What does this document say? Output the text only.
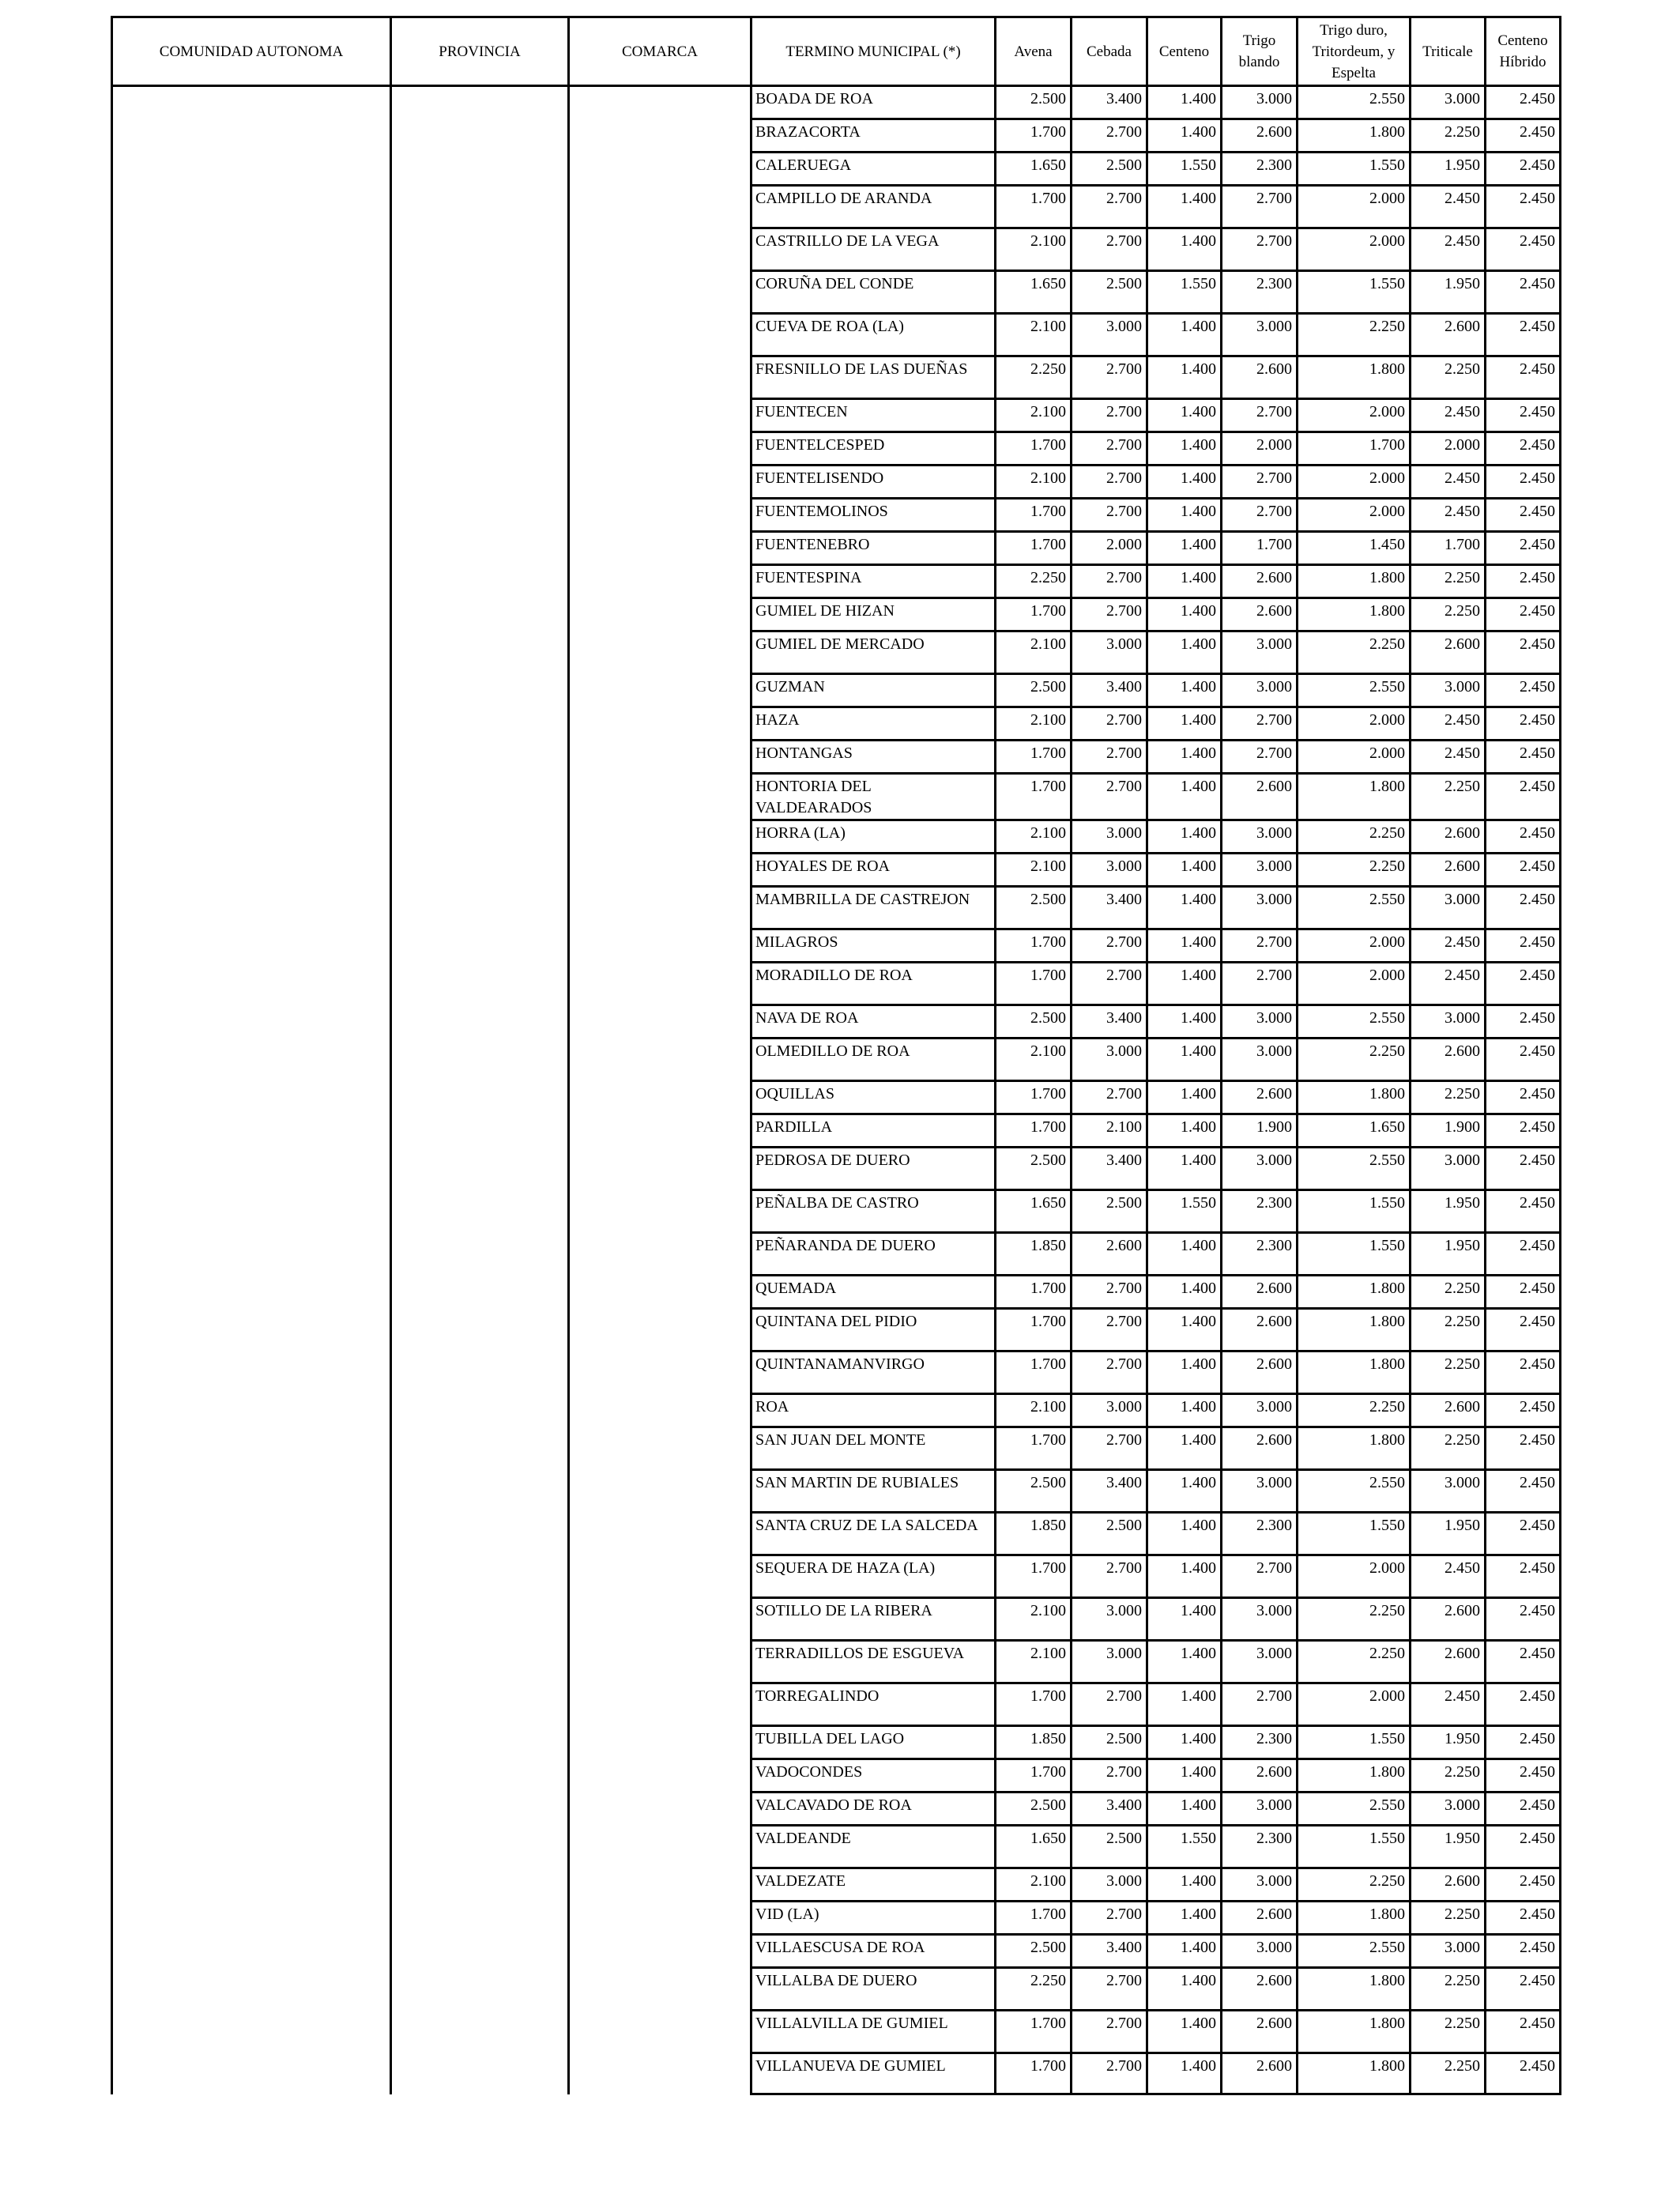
COMUNIDAD AUTONOMA	PROVINCIA	COMARCA	TERMINO MUNICIPAL (*)	Avena	Cebada	Centeno	Trigo blando	Trigo duro, Tritordeum, y Espelta	Triticale	Centeno Híbrido
			BOADA DE ROA	2.500	3.400	1.400	3.000	2.550	3.000	2.450
			BRAZACORTA	1.700	2.700	1.400	2.600	1.800	2.250	2.450
			CALERUEGA	1.650	2.500	1.550	2.300	1.550	1.950	2.450
			CAMPILLO DE ARANDA	1.700	2.700	1.400	2.700	2.000	2.450	2.450
			CASTRILLO DE LA VEGA	2.100	2.700	1.400	2.700	2.000	2.450	2.450
			CORUÑA DEL CONDE	1.650	2.500	1.550	2.300	1.550	1.950	2.450
			CUEVA DE ROA (LA)	2.100	3.000	1.400	3.000	2.250	2.600	2.450
			FRESNILLO DE LAS DUEÑAS	2.250	2.700	1.400	2.600	1.800	2.250	2.450
			FUENTECEN	2.100	2.700	1.400	2.700	2.000	2.450	2.450
			FUENTELCESPED	1.700	2.700	1.400	2.000	1.700	2.000	2.450
			FUENTELISENDO	2.100	2.700	1.400	2.700	2.000	2.450	2.450
			FUENTEMOLINOS	1.700	2.700	1.400	2.700	2.000	2.450	2.450
			FUENTENEBRO	1.700	2.000	1.400	1.700	1.450	1.700	2.450
			FUENTESPINA	2.250	2.700	1.400	2.600	1.800	2.250	2.450
			GUMIEL DE HIZAN	1.700	2.700	1.400	2.600	1.800	2.250	2.450
			GUMIEL DE MERCADO	2.100	3.000	1.400	3.000	2.250	2.600	2.450
			GUZMAN	2.500	3.400	1.400	3.000	2.550	3.000	2.450
			HAZA	2.100	2.700	1.400	2.700	2.000	2.450	2.450
			HONTANGAS	1.700	2.700	1.400	2.700	2.000	2.450	2.450
			HONTORIA DEL VALDEARADOS	1.700	2.700	1.400	2.600	1.800	2.250	2.450
			HORRA (LA)	2.100	3.000	1.400	3.000	2.250	2.600	2.450
			HOYALES DE ROA	2.100	3.000	1.400	3.000	2.250	2.600	2.450
			MAMBRILLA DE CASTREJON	2.500	3.400	1.400	3.000	2.550	3.000	2.450
			MILAGROS	1.700	2.700	1.400	2.700	2.000	2.450	2.450
			MORADILLO DE ROA	1.700	2.700	1.400	2.700	2.000	2.450	2.450
			NAVA DE ROA	2.500	3.400	1.400	3.000	2.550	3.000	2.450
			OLMEDILLO DE ROA	2.100	3.000	1.400	3.000	2.250	2.600	2.450
			OQUILLAS	1.700	2.700	1.400	2.600	1.800	2.250	2.450
			PARDILLA	1.700	2.100	1.400	1.900	1.650	1.900	2.450
			PEDROSA DE DUERO	2.500	3.400	1.400	3.000	2.550	3.000	2.450
			PEÑALBA DE CASTRO	1.650	2.500	1.550	2.300	1.550	1.950	2.450
			PEÑARANDA DE DUERO	1.850	2.600	1.400	2.300	1.550	1.950	2.450
			QUEMADA	1.700	2.700	1.400	2.600	1.800	2.250	2.450
			QUINTANA DEL PIDIO	1.700	2.700	1.400	2.600	1.800	2.250	2.450
			QUINTANAMANVIRGO	1.700	2.700	1.400	2.600	1.800	2.250	2.450
			ROA	2.100	3.000	1.400	3.000	2.250	2.600	2.450
			SAN JUAN DEL MONTE	1.700	2.700	1.400	2.600	1.800	2.250	2.450
			SAN MARTIN DE RUBIALES	2.500	3.400	1.400	3.000	2.550	3.000	2.450
			SANTA CRUZ DE LA SALCEDA	1.850	2.500	1.400	2.300	1.550	1.950	2.450
			SEQUERA DE HAZA (LA)	1.700	2.700	1.400	2.700	2.000	2.450	2.450
			SOTILLO DE LA RIBERA	2.100	3.000	1.400	3.000	2.250	2.600	2.450
			TERRADILLOS DE ESGUEVA	2.100	3.000	1.400	3.000	2.250	2.600	2.450
			TORREGALINDO	1.700	2.700	1.400	2.700	2.000	2.450	2.450
			TUBILLA DEL LAGO	1.850	2.500	1.400	2.300	1.550	1.950	2.450
			VADOCONDES	1.700	2.700	1.400	2.600	1.800	2.250	2.450
			VALCAVADO DE ROA	2.500	3.400	1.400	3.000	2.550	3.000	2.450
			VALDEANDE	1.650	2.500	1.550	2.300	1.550	1.950	2.450
			VALDEZATE	2.100	3.000	1.400	3.000	2.250	2.600	2.450
			VID (LA)	1.700	2.700	1.400	2.600	1.800	2.250	2.450
			VILLAESCUSA DE ROA	2.500	3.400	1.400	3.000	2.550	3.000	2.450
			VILLALBA DE DUERO	2.250	2.700	1.400	2.600	1.800	2.250	2.450
			VILLALVILLA DE GUMIEL	1.700	2.700	1.400	2.600	1.800	2.250	2.450
			VILLANUEVA DE GUMIEL	1.700	2.700	1.400	2.600	1.800	2.250	2.450
